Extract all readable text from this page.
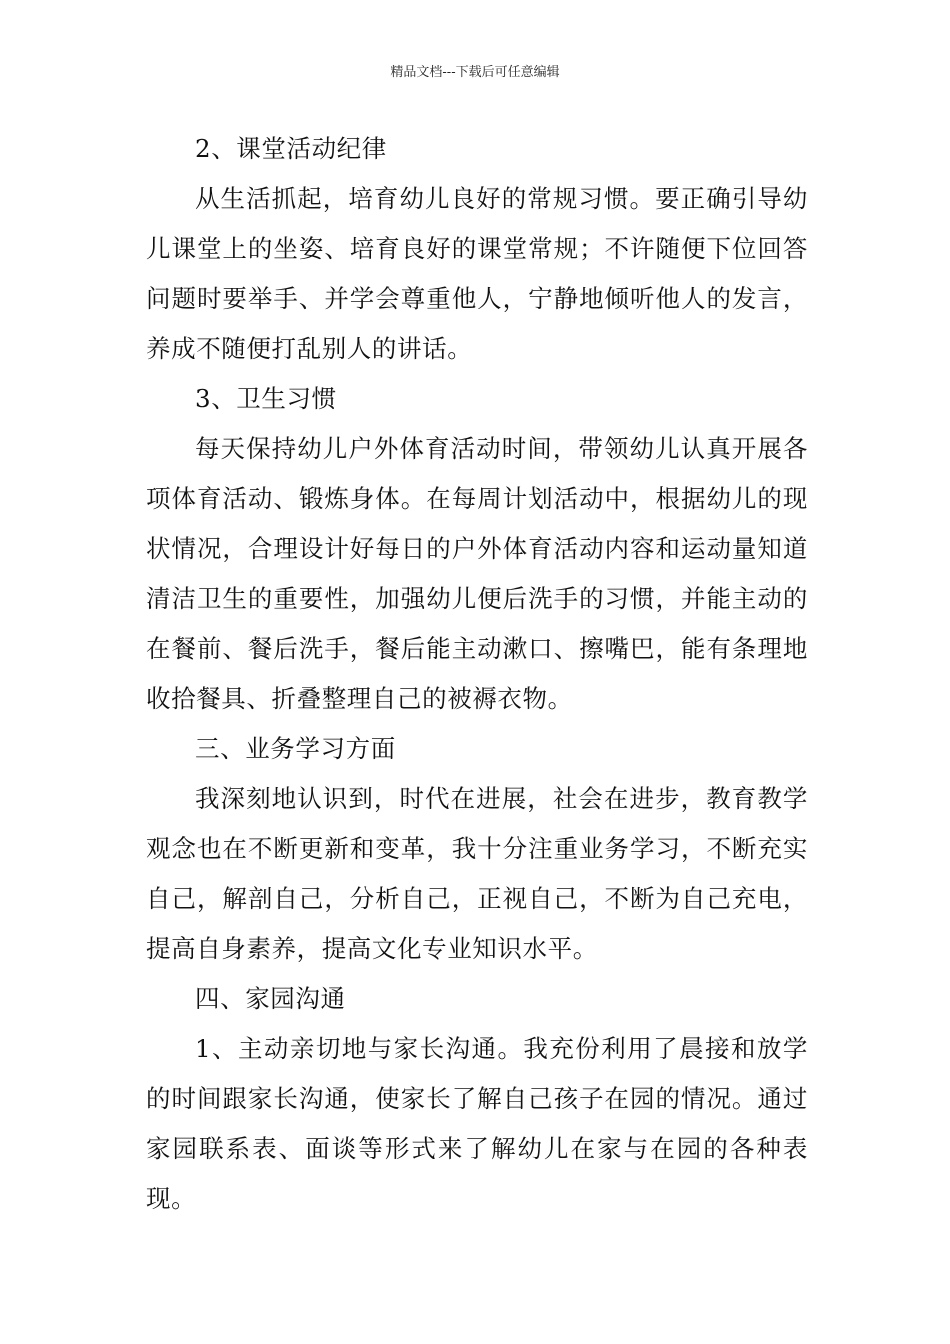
精品文档---下载后可任意编辑

2、课堂活动纪律

从生活抓起，培育幼儿良好的常规习惯。要正确引导幼儿课堂上的坐姿、培育良好的课堂常规；不许随便下位回答问题时要举手、并学会尊重他人，宁静地倾听他人的发言，养成不随便打乱别人的讲话。

3、卫生习惯

每天保持幼儿户外体育活动时间，带领幼儿认真开展各项体育活动、锻炼身体。在每周计划活动中，根据幼儿的现状情况，合理设计好每日的户外体育活动内容和运动量知道清洁卫生的重要性，加强幼儿便后洗手的习惯，并能主动的在餐前、餐后洗手，餐后能主动漱口、擦嘴巴，能有条理地收拾餐具、折叠整理自己的被褥衣物。

三、业务学习方面

我深刻地认识到，时代在进展，社会在进步，教育教学观念也在不断更新和变革，我十分注重业务学习，不断充实自己，解剖自己，分析自己，正视自己，不断为自己充电，提高自身素养，提高文化专业知识水平。

四、家园沟通

1、主动亲切地与家长沟通。我充份利用了晨接和放学的时间跟家长沟通，使家长了解自己孩子在园的情况。通过家园联系表、面谈等形式来了解幼儿在家与在园的各种表现。
